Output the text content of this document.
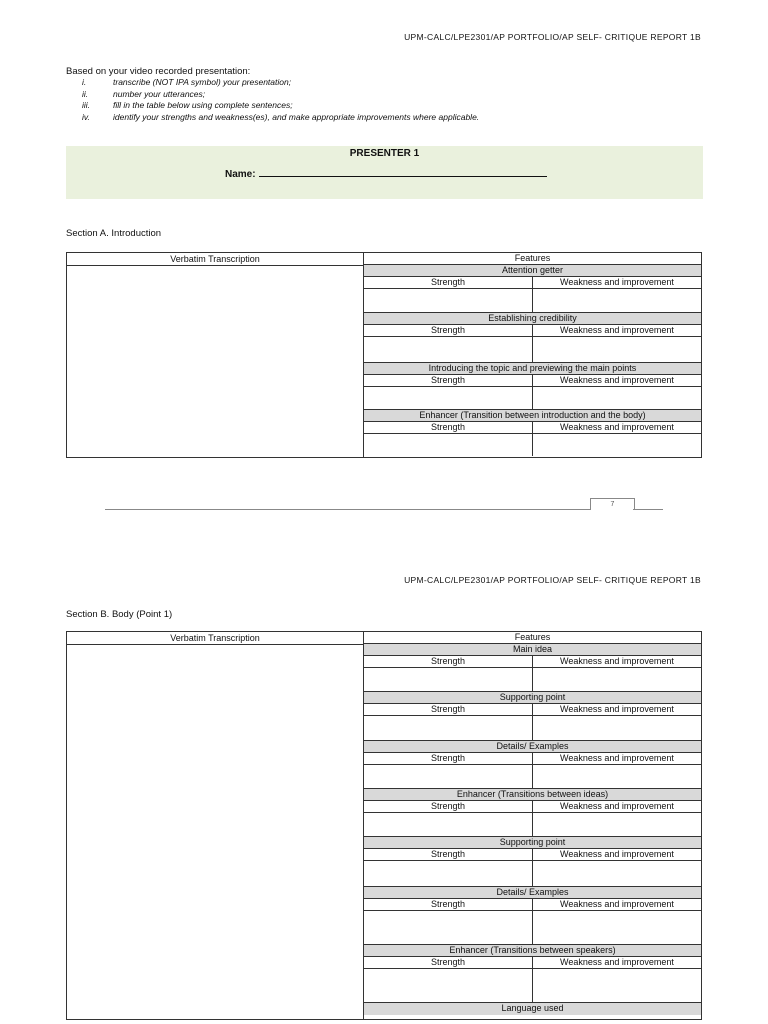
UPM-CALC/LPE2301/AP PORTFOLIO/AP SELF- CRITIQUE REPORT 1B
Based on your video recorded presentation:
i.	transcribe (NOT IPA symbol) your presentation;
ii.	number your utterances;
iii.	fill in the table below using complete sentences;
iv.	identify your strengths and weakness(es), and make appropriate improvements where applicable.
PRESENTER 1
Name:
Section A. Introduction
Verbatim Transcription	Features
Attention getter
Strength	Weakness and improvement
Establishing credibility
Strength	Weakness and improvement
Introducing the topic and previewing the main points
Strength	Weakness and improvement
Enhancer (Transition between introduction and the body)
Strength	Weakness and improvement
7
UPM-CALC/LPE2301/AP PORTFOLIO/AP SELF- CRITIQUE REPORT 1B
Section B. Body (Point 1)
Verbatim Transcription	Features
Main idea
Strength	Weakness and improvement
Supporting point
Strength	Weakness and improvement
Details/ Examples
Strength	Weakness and improvement
Enhancer (Transitions between ideas)
Strength	Weakness and improvement
Supporting point
Strength	Weakness and improvement
Details/ Examples
Strength	Weakness and improvement
Enhancer (Transitions between speakers)
Strength	Weakness and improvement
Language used
